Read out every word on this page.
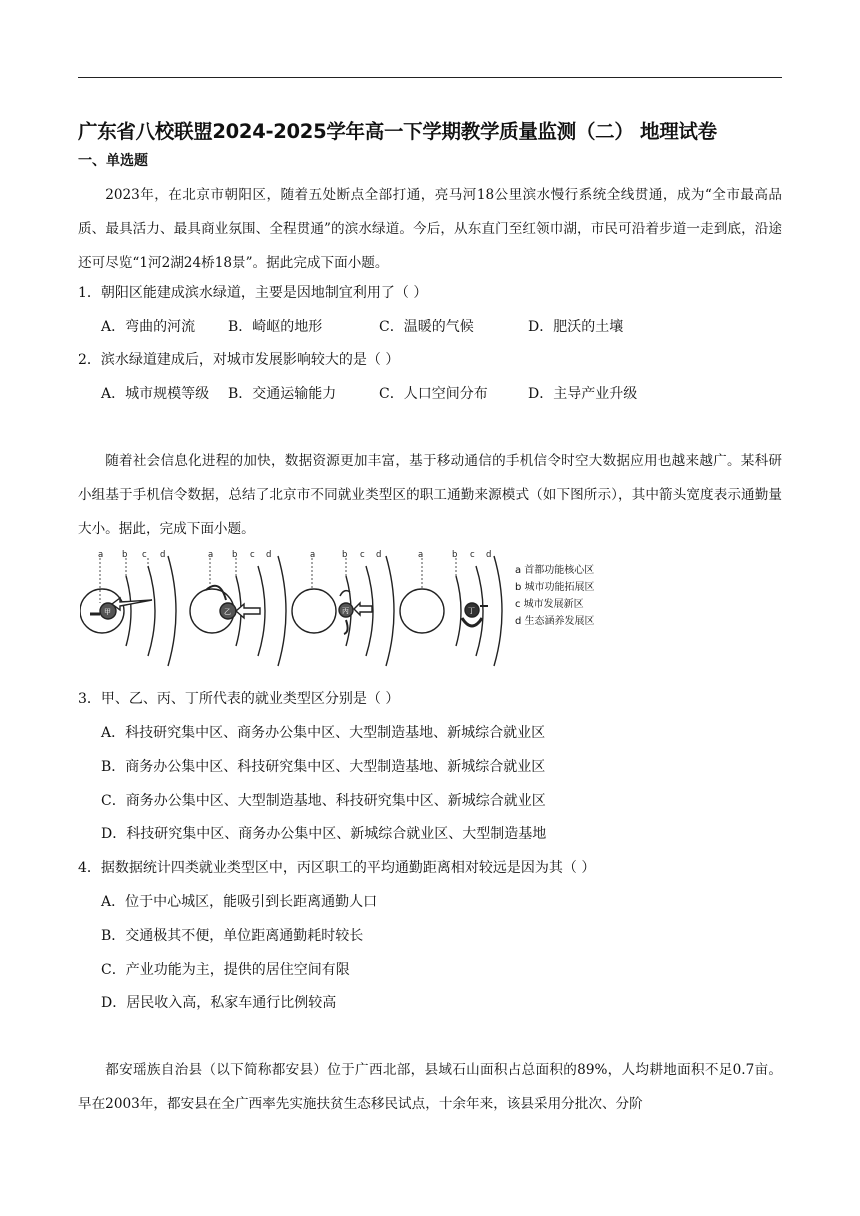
广东省八校联盟2024-2025学年高一下学期教学质量监测（二） 地理试卷
一、单选题

2023年，在北京市朝阳区，随着五处断点全部打通，亮马河18公里滨水慢行系统全线贯通，成为“全市最高品质、最具活力、最具商业氛围、全程贯通”的滨水绿道。今后，从东直门至红领巾湖，市民可沿着步道一走到底，沿途还可尽览“1河2湖24桥18景”。据此完成下面小题。

1．朝阳区能建成滨水绿道，主要是因地制宜利用了（ ）
A．弯曲的河流 B．崎岖的地形	C．温暖的气候	D．肥沃的土壤
2．滨水绿道建成后，对城市发展影响较大的是（ ）
A．城市规模等级 B．交通运输能力	C．人口空间分布	D．主导产业升级

随着社会信息化进程的加快，数据资源更加丰富，基于移动通信的手机信令时空大数据应用也越来越广。某科研小组基于手机信令数据，总结了北京市不同就业类型区的职工通勤来源模式（如下图所示），其中箭头宽度表示通勤量大小。据此，完成下面小题。

a b c d	a b c d	a	b c d	a	b c d
甲	乙	丙	丁
a 首都功能核心区
b 城市功能拓展区
c 城市发展新区
d 生态涵养发展区
3．甲、乙、丙、丁所代表的就业类型区分别是（ ）
A．科技研究集中区、商务办公集中区、大型制造基地、新城综合就业区
B．商务办公集中区、科技研究集中区、大型制造基地、新城综合就业区
C．商务办公集中区、大型制造基地、科技研究集中区、新城综合就业区
D．科技研究集中区、商务办公集中区、新城综合就业区、大型制造基地
4．据数据统计四类就业类型区中，丙区职工的平均通勤距离相对较远是因为其（ ）
A．位于中心城区，能吸引到长距离通勤人口
B．交通极其不便，单位距离通勤耗时较长
C．产业功能为主，提供的居住空间有限
D．居民收入高，私家车通行比例较高

都安瑶族自治县（以下简称都安县）位于广西北部，县域石山面积占总面积的89%，人均耕地面积不足0.7亩。早在2003年，都安县在全广西率先实施扶贫生态移民试点，十余年来，该县采用分批次、分阶
